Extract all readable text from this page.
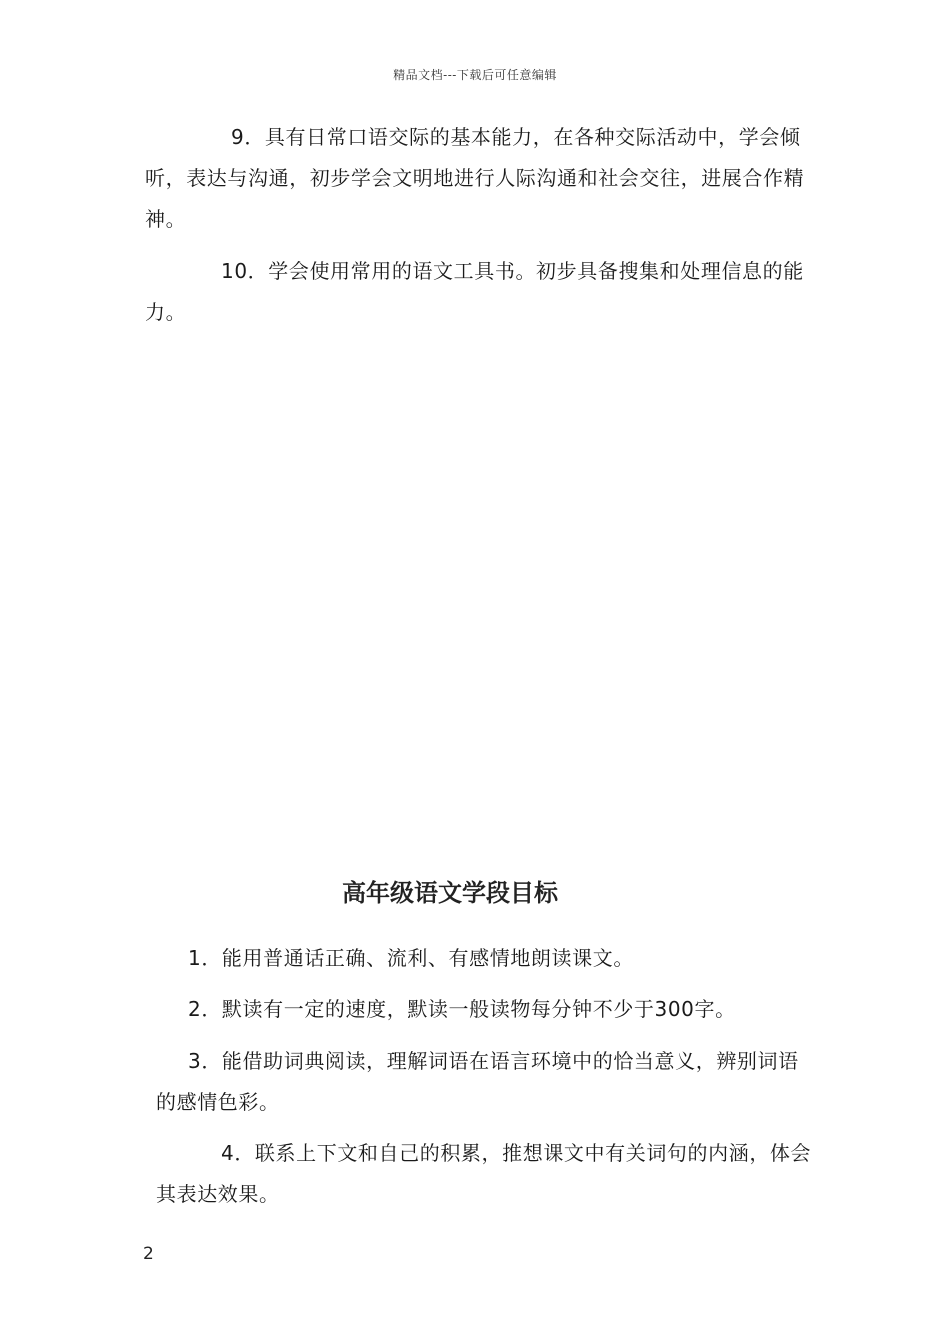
精品文档---下载后可任意编辑

9．具有日常口语交际的基本能力，在各种交际活动中，学会倾听，表达与沟通，初步学会文明地进行人际沟通和社会交往，进展合作精神。

10．学会使用常用的语文工具书。初步具备搜集和处理信息的能力。

高年级语文学段目标

1．能用普通话正确、流利、有感情地朗读课文。

2．默读有一定的速度，默读一般读物每分钟不少于300字。

3．能借助词典阅读，理解词语在语言环境中的恰当意义，辨别词语的感情色彩。

4．联系上下文和自己的积累，推想课文中有关词句的内涵，体会其表达效果。

2
